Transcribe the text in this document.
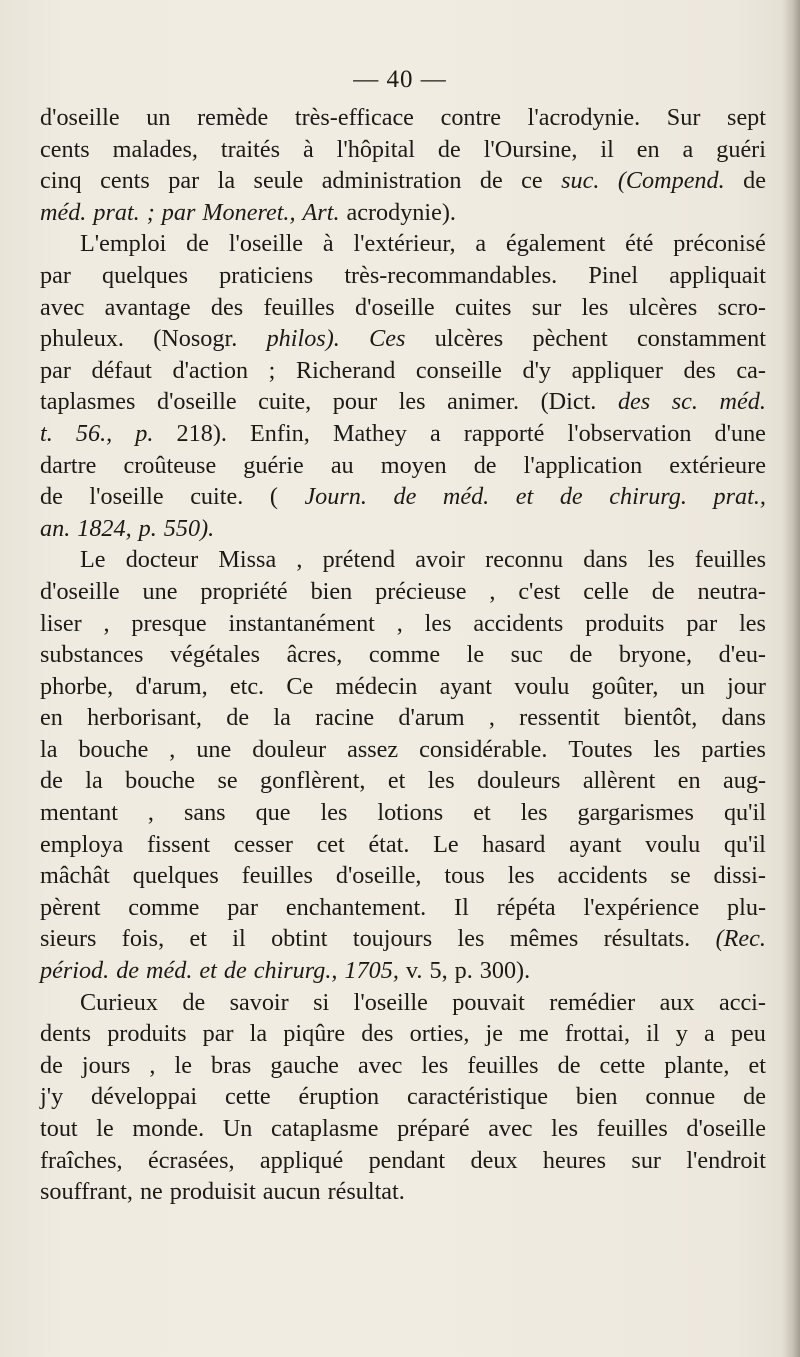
— 40 —
d'oseille un remède très-efficace contre l'acrodynie. Sur sept
cents malades, traités à l'hôpital de l'Oursine, il en a guéri
cinq cents par la seule administration de ce suc. (Compend. de
méd. prat. ; par Moneret., Art. acrodynie).
L'emploi de l'oseille à l'extérieur, a également été préconisé
par quelques praticiens très-recommandables. Pinel appliquait
avec avantage des feuilles d'oseille cuites sur les ulcères scro-
phuleux. (Nosogr. philos). Ces ulcères pèchent constamment
par défaut d'action ; Richerand conseille d'y appliquer des ca-
taplasmes d'oseille cuite, pour les animer. (Dict. des sc. méd.
t. 56., p. 218). Enfin, Mathey a rapporté l'observation d'une
dartre croûteuse guérie au moyen de l'application extérieure
de l'oseille cuite. ( Journ. de méd. et de chirurg. prat.,
an. 1824, p. 550).
Le docteur Missa , prétend avoir reconnu dans les feuilles
d'oseille une propriété bien précieuse , c'est celle de neutra-
liser , presque instantanément , les accidents produits par les
substances végétales âcres, comme le suc de bryone, d'eu-
phorbe, d'arum, etc. Ce médecin ayant voulu goûter, un jour
en herborisant, de la racine d'arum , ressentit bientôt, dans
la bouche , une douleur assez considérable. Toutes les parties
de la bouche se gonflèrent, et les douleurs allèrent en aug-
mentant , sans que les lotions et les gargarismes qu'il
employa fissent cesser cet état. Le hasard ayant voulu qu'il
mâchât quelques feuilles d'oseille, tous les accidents se dissi-
pèrent comme par enchantement. Il répéta l'expérience plu-
sieurs fois, et il obtint toujours les mêmes résultats. (Rec.
périod. de méd. et de chirurg., 1705, v. 5, p. 300).
Curieux de savoir si l'oseille pouvait remédier aux acci-
dents produits par la piqûre des orties, je me frottai, il y a peu
de jours , le bras gauche avec les feuilles de cette plante, et
j'y développai cette éruption caractéristique bien connue de
tout le monde. Un cataplasme préparé avec les feuilles d'oseille
fraîches, écrasées, appliqué pendant deux heures sur l'endroit
souffrant, ne produisit aucun résultat.
